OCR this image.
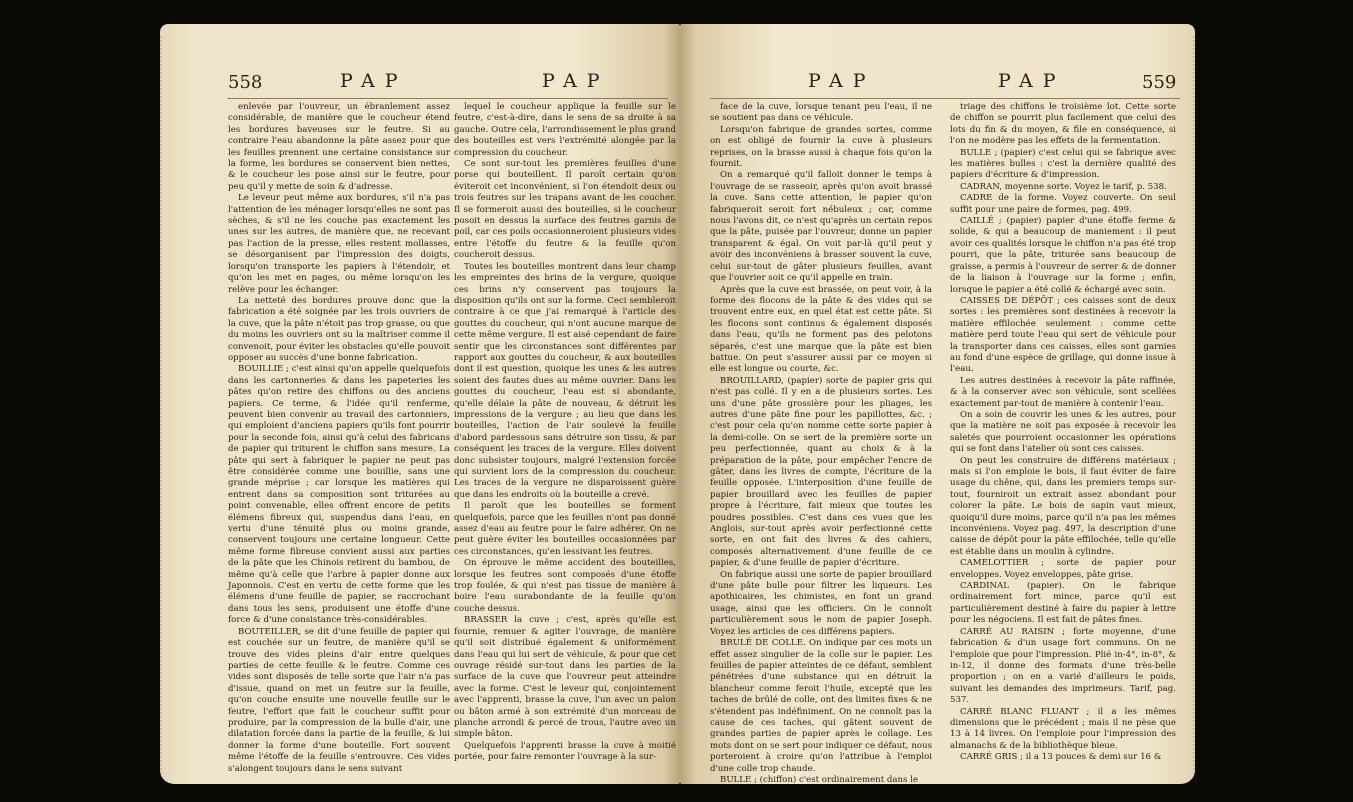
558	PAP	PAP

enlevée par l'ouvreur, un ébranlement assez considérable, de manière que le coucheur étend les bordures baveuses sur le feutre. Si au contraire l'eau abandonne la pâte assez pour que les feuilles prennent une certaine consistance sur la forme, les bordures se conservent bien nettes, & le coucheur les pose ainsi sur le feutre, pour peu qu'il y mette de soin & d'adresse.

Le leveur peut même aux bordures, s'il n'a pas l'attention de les ménager lorsqu'elles ne sont pas sèches, & s'il ne les couche pas exactement les unes sur les autres, de manière que, ne recevant pas l'action de la presse, elles restent mollasses, se désorganisent par l'impression des doigts, lorsqu'on transporte les papiers à l'étendoir, et qu'on les met en pages, ou même lorsqu'on les relève pour les échanger.

La netteté des bordures prouve donc que la fabrication a été soignée par les trois ouvriers de la cuve, que la pâte n'étoit pas trop grasse, ou que du moins les ouvriers ont su la maîtriser comme il convenoit, pour éviter les obstacles qu'elle pouvoit opposer au succès d'une bonne fabrication.

BOUILLIE ; c'est ainsi qu'on appelle quelquefois dans les cartonneries & dans les papeteries les pâtes qu'on retire des chiffons ou des anciens papiers. Ce terme, & l'idée qu'il renferme, peuvent bien convenir au travail des cartonniers, qui emploient d'anciens papiers qu'ils font pourrir pour la seconde fois, ainsi qu'à celui des fabricans de papier qui triturent le chiffon sans mesure. La pâte qui sert à fabriquer le papier ne peut pas être considérée comme une bouillie, sans une grande méprise ; car lorsque les matières qui entrent dans sa composition sont triturées au point convenable, elles offrent encore de petits élémens fibreux qui, suspendus dans l'eau, en vertu d'une ténuité plus ou moins grande, conservent toujours une certaine longueur. Cette même forme fibreuse convient aussi aux parties de la pâte que les Chinois retirent du bambou, de même qu'à celle que l'arbre à papier donne aux Japonnois. C'est en vertu de cette forme que les élémens d'une feuille de papier, se raccrochant dans tous les sens, produisent une étoffe d'une force & d'une consistance très-considérables.

BOUTEILLER, se dit d'une feuille de papier qui est couchée sur un feutre, de manière qu'il se trouve des vides pleins d'air entre quelques parties de cette feuille & le feutre. Comme ces vides sont disposés de telle sorte que l'air n'a pas d'issue, quand on met un feutre sur la feuille, qu'on couche ensuite une nouvelle feuille sur le feutre, l'effort que fait le coucheur suffit pour produire, par la compression de la bulle d'air, une dilatation forcée dans la partie de la feuille, & lui donner la forme d'une bouteille. Fort souvent même l'étoffe de la feuille s'entrouvre. Ces vides s'alongent toujours dans le sens suivant

lequel le coucheur applique la feuille sur le feutre, c'est-à-dire, dans le sens de sa droite à sa gauche. Outre cela, l'arrondissement le plus grand des bouteilles est vers l'extrémité alongée par la compression du coucheur.

Ce sont sur-tout les premières feuilles d'une porse qui bouteillent. Il paroît certain qu'on éviteroit cet inconvénient, si l'on étendoit deux ou trois feutres sur les trapans avant de les coucher. Il se formeroit aussi des bouteilles, si le coucheur posoit en dessus la surface des feutres garnis de poil, car ces poils occasionneroient plusieurs vides entre l'étoffe du feutre & la feuille qu'on coucheroit dessus.

Toutes les bouteilles montrent dans leur champ les empreintes des brins de la vergure, quoique ces brins n'y conservent pas toujours la disposition qu'ils ont sur la forme. Ceci sembleroit contraire à ce que j'ai remarqué à l'article des gouttes du coucheur, qui n'ont aucune marque de cette même vergure. Il est aisé cependant de faire sentir que les circonstances sont différentes par rapport aux gouttes du coucheur, & aux bouteilles dont il est question, quoique les unes & les autres soient des fautes dues au même ouvrier. Dans les gouttes du coucheur, l'eau est si abondante, qu'elle délaie la pâte de nouveau, & détruit les impressions de la vergure ; au lieu que dans les bouteilles, l'action de l'air soulevé la feuille d'abord pardessous sans détruire son tissu, & par conséquent les traces de la vergure. Elles doivent donc subsister toujours, malgré l'extension forcée qui survient lors de la compression du coucheur. Les traces de la vergure ne disparoissent guère que dans les endroits où la bouteille a crevé.

Il paroît que les bouteilles se forment quelquefois, parce que les feuilles n'ont pas donné assez d'eau au feutre pour le faire adhérer. On ne peut guère éviter les bouteilles occasionnées par ces circonstances, qu'en lessivant les feutres.

On éprouve le même accident des bouteilles, lorsque les feutres sont composés d'une étoffe trop foulée, & qui n'est pas tissue de manière à boire l'eau surabondante de la feuille qu'on couche dessus.

BRASSER la cuve ; c'est, après qu'elle est fournie, remuer & agiter l'ouvrage, de manière qu'il soit distribué également & uniformément dans l'eau qui lui sert de véhicule, & pour que cet ouvrage résidé sur-tout dans les parties de la surface de la cuve que l'ouvreur peut atteindre avec la forme. C'est le leveur qui, conjointement avec l'apprenti, brasse la cuve, l'un avec un palon ou bâton armé à son extrémité d'un morceau de planche arrondi & percé de trous, l'autre avec un simple bâton.

Quelquefois l'apprenti brasse la cuve à moitié portée, pour faire remonter l'ouvrage à la sur-

PAP	PAP	559

face de la cuve, lorsque tenant peu l'eau, il ne se soutient pas dans ce véhicule.

Lorsqu'on fabrique de grandes sortes, comme on est obligé de fournir la cuve à plusieurs reprises, on la brasse aussi à chaque fois qu'on la fournit.

On a remarqué qu'il falloit donner le temps à l'ouvrage de se rasseoir, après qu'on avoit brassé la cuve. Sans cette attention, le papier qu'on fabriqueroit seroit fort nébuleux ; car, comme nous l'avons dit, ce n'est qu'après un certain repos que la pâte, puisée par l'ouvreur, donne un papier transparent & égal. On voit par-là qu'il peut y avoir des inconvéniens à brasser souvent la cuve, celui sur-tout de gâter plusieurs feuilles, avant que l'ouvrier soit ce qu'il appelle en train.

Après que la cuve est brassée, on peut voir, à la forme des flocons de la pâte & des vides qui se trouvent entre eux, en quel état est cette pâte. Si les flocons sont continus & également disposés dans l'eau, qu'ils ne forment pas des pelotons séparés, c'est une marque que la pâte est bien battue. On peut s'assurer aussi par ce moyen si elle est longue ou courte, &c.

BROUILLARD, (papier) sorte de papier gris qui n'est pas collé. Il y en a de plusieurs sortes. Les uns d'une pâte grossière pour les pliages, les autres d'une pâte fine pour les papillottes, &c. ; c'est pour cela qu'on nomme cette sorte papier à la demi-colle. On se sert de la première sorte un peu perfectionnée, quant au choix & à la préparation de la pâte, pour empêcher l'encre de gâter, dans les livres de compte, l'écriture de la feuille opposée. L'interposition d'une feuille de papier brouillard avec les feuilles de papier propre à l'écriture, fait mieux que toutes les poudres possibles. C'est dans ces vues que les Anglois, sur-tout après avoir perfectionné cette sorte, en ont fait des livres & des cahiers, composés alternativement d'une feuille de ce papier, & d'une feuille de papier d'écriture.

On fabrique aussi une sorte de papier brouillard d'une pâte bulle pour filtrer les liqueurs. Les apothicaires, les chimistes, en font un grand usage, ainsi que les officiers. On le connoît particulièrement sous le nom de papier Joseph. Voyez les articles de ces différens papiers.

BRULÉ DE COLLE. On indique par ces mots un effet assez singulier de la colle sur le papier. Les feuilles de papier atteintes de ce défaut, semblent pénétrées d'une substance qui en détruit la blancheur comme feroit l'huile, excepté que les taches de brûlé de colle, ont des limites fixes & ne s'étendent pas indéfiniment. On ne connoît pas la cause de ces taches, qui gâtent souvent de grandes parties de papier après le collage. Les mots dont on se sert pour indiquer ce défaut, nous porteroient à croire qu'on l'attribue à l'emploi d'une colle trop chaude.

BULLE ; (chiffon) c'est ordinairement dans le

triage des chiffons le troisième lot. Cette sorte de chiffon se pourrit plus facilement que celui des lots du fin & du moyen, & file en conséquence, si l'on ne modère pas les effets de la fermentation.

BULLE ; (papier) c'est celui qui se fabrique avec les matières bulles : c'est la dernière qualité des papiers d'écriture & d'impression.

CADRAN, moyenne sorte. Voyez le tarif, p. 538.

CADRE de la forme. Voyez couverte. On seul suffit pour une paire de formes, pag. 499.

CAILLÉ ; (papier) papier d'une étoffe ferme & solide, & qui a beaucoup de maniement : il peut avoir ces qualités lorsque le chiffon n'a pas été trop pourri, que la pâte, triturée sans beaucoup de graisse, a permis à l'ouvreur de serrer & de donner de la liaison à l'ouvrage sur la forme ; enfin, lorsque le papier a été collé & échargé avec soin.

CAISSES DE DÉPÔT ; ces caisses sont de deux sortes : les premières sont destinées à recevoir la matière effilochée seulement : comme cette matière perd toute l'eau qui sert de véhicule pour la transporter dans ces caisses, elles sont garnies au fond d'une espèce de grillage, qui donne issue à l'eau.

Les autres destinées à recevoir la pâte raffinée, & à la conserver avec son véhicule, sont scellées exactement par-tout de manière à contenir l'eau.

On a soin de couvrir les unes & les autres, pour que la matière ne soit pas exposée à recevoir les saletés que pourroient occasionner les opérations qui se font dans l'atelier où sont ces caisses.

On peut les construire de différens matériaux ; mais si l'on emploie le bois, il faut éviter de faire usage du chêne, qui, dans les premiers temps sur-tout, fourniroit un extrait assez abondant pour colorer la pâte. Le bois de sapin vaut mieux, quoiqu'il dure moins, parce qu'il n'a pas les mêmes inconvéniens. Voyez pag. 497, la description d'une caisse de dépôt pour la pâte effilochée, telle qu'elle est établie dans un moulin à cylindre.

CAMELOTTIER ; sorte de papier pour enveloppes. Voyez enveloppes, pâte grise.

CARDINAL (papier). On le fabrique ordinairement fort mince, parce qu'il est particulièrement destiné à faire du papier à lettre pour les négociens. Il est fait de pâtes fines.

CARRÉ AU RAISIN ; forte moyenne, d'une fabrication & d'un usage fort communs. On ne l'emploie que pour l'impression. Plié in-4°, in-8°, & in-12, il donne des formats d'une très-belle proportion ; on en a varié d'ailleurs le poids, suivant les demandes des imprimeurs. Tarif, pag. 537.

CARRÉ BLANC FLUANT ; il a les mêmes dimensions que le précédent ; mais il ne pèse que 13 à 14 livres. On l'emploie pour l'impression des almanachs & de la bibliothèque bleue.

CARRÉ GRIS ; il a 13 pouces & demi sur 16 &
